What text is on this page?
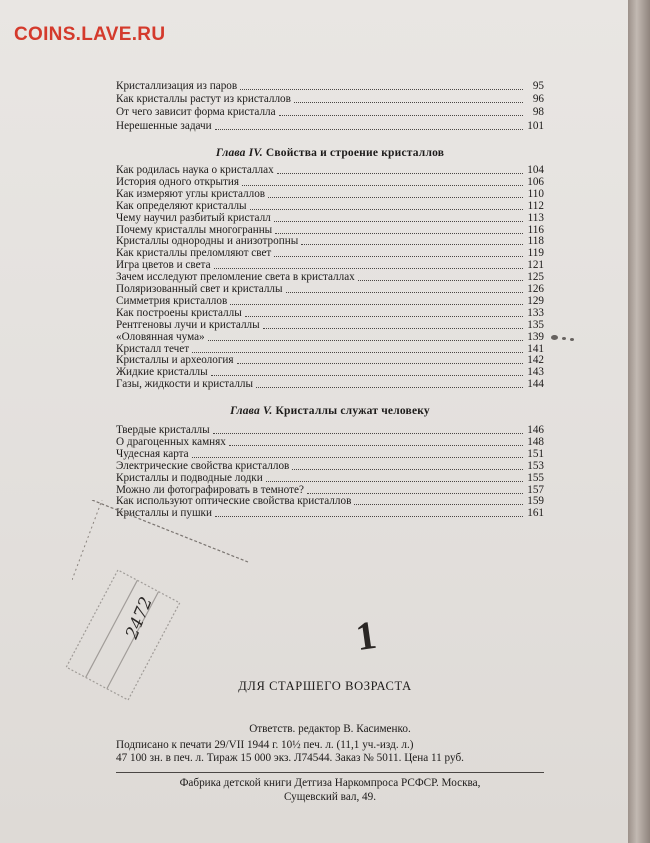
COINS.LAVE.RU
Кристаллизация из паров	95
Как кристаллы растут из кристаллов	96
От чего зависит форма кристалла	98
Нерешенные задачи	101
Глава IV. Свойства и строение кристаллов
Как родилась наука о кристаллах	104
История одного открытия	106
Как измеряют углы кристаллов	110
Как определяют кристаллы	112
Чему научил разбитый кристалл	113
Почему кристаллы многогранны	116
Кристаллы однородны и анизотропны	118
Как кристаллы преломляют свет	119
Игра цветов и света	121
Зачем исследуют преломление света в кристаллах	125
Поляризованный свет и кристаллы	126
Симметрия кристаллов	129
Как построены кристаллы	133
Рентгеновы лучи и кристаллы	135
«Оловянная чума»	139
Кристалл течет	141
Кристаллы и археология	142
Жидкие кристаллы	143
Газы, жидкости и кристаллы	144
Глава V. Кристаллы служат человеку
Твердые кристаллы	146
О драгоценных камнях	148
Чудесная карта	151
Электрические свойства кристаллов	153
Кристаллы и подводные лодки	155
Можно ли фотографировать в темноте?	157
Как используют оптические свойства кристаллов	159
Кристаллы и пушки	161
2472	1
ДЛЯ СТАРШЕГО ВОЗРАСТА
Ответств. редактор В. Касименко.
Подписано к печати 29/VII 1944 г. 10½ печ. л. (11,1 уч.-изд. л.)
47 100 зн. в печ. л. Тираж 15 000 экз. Л74544. Заказ № 5011. Цена 11 руб.
Фабрика детской книги Детгиза Наркомпроса РСФСР. Москва,
Сущевский вал, 49.
